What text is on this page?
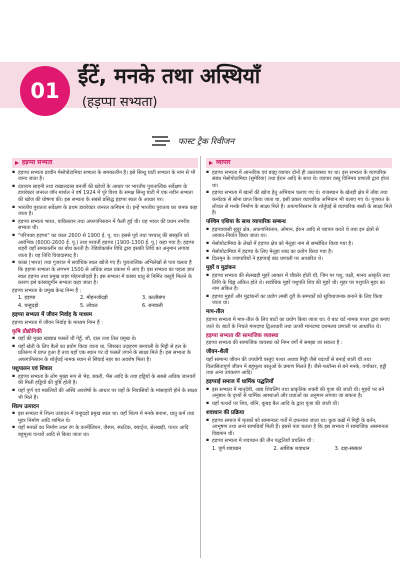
01
ईंटें, मनके तथा अस्थियाँ
(हड़प्पा सभ्यता)
फास्ट ट्रैक रिवीजन
हड़प्पा सभ्यता
▪ हड़प्पा सभ्यता प्राचीन मेसोपोटामिया सभ्यता के समकालीन है। इसे सिन्धु घाटी सभ्यता के नाम से भी जाना जाता है।
▪ दयाराम साहनी तथा राखालदास बनर्जी की खोजों के आधार पर भारतीय पुरातात्विक सर्वेक्षण के डायरेक्टर जनरल जॉन मार्शल ने वर्ष 1924 में पूरे विश्व के समक्ष सिन्धु घाटी में एक नवीन सभ्यता की खोज की घोषणा की। इस सभ्यता के सबसे प्रसिद्ध हड़प्पा स्थल के आधार पर।
▪ भारतीय पुरातत्व सर्वेक्षण के प्रथम डायरेक्टर जनरल कनिंघम थे। इन्हें भारतीय पुरातत्व का जनक कहा जाता है।
▪ हड़प्पा सभ्यता भारत, पाकिस्तान तथा अफगानिस्तान में फैली हुई थी। यह भारत की प्रथम नगरीय सभ्यता थी।
▪ "परिपक्व हड़प्पा" का काल 2600 से 1900 ई. पू. था। इससे पूर्व तथा पश्चात् की संस्कृति को आरंभिक (6000-2600 ई. पू.) तथा परवर्ती हड़प्पा (1900-1300 ई. पू.) कहा गया है। हड़प्पा शहरी यहाँ समकालीन का बोध करती है। रेडियोकार्बन विधि द्वारा इसकी तिथि का अनुमान लगाया जाता है। यह तिथि विवादास्पद है।
▪ कच्छ (भारत) तथा गुजरात में सर्वाधिक स्थल खोजे गए हैं। पुरातात्विक अभिलेखों से पता चलता है कि हड़प्पा सभ्यता के लगभग 1500 से अधिक स्थल प्रकाश में आए हैं। इस सभ्यता का पहला ज्ञात स्थल हड़प्पा तथा प्रमुख शहर मोहनजोदड़ो है। इस सभ्यता में कांस्य धातु से निर्मित वस्तुएँ मिलने के कारण इसे कांस्ययुगीन सभ्यता कहा जाता है।
हड़प्पा सभ्यता के प्रमुख केन्द्र निम्न हैं :
1. हड़प्पा	2. मोहनजोदड़ो	3. कालीबंगा
4. चन्हूदड़ो	5. लोथल	6. बनवाली
हड़प्पा सभ्यता में जीवन निर्वाह के माध्यम
हड़प्पा सभ्यता में जीवन निर्वाह के माध्यम निम्न हैं :
कृषि प्रौद्योगिकी
▪ यहाँ की मुख्य खाद्यान्न फसलें थीं गेहूँ, जौ, दाल तथा तिल प्रमुख थे।
▪ यहाँ खेती के लिए बैलों का प्रयोग किया जाता था, जिसका उदाहरण बनवाली के मिट्टी से हल के प्रतिरूप में प्राप्त हुआ है तथा यहाँ एक स्थान पर दो फसलें उगाने के साक्ष्य मिले हैं। इस सभ्यता के अफगानिस्तान के शोर्तुघई नामक स्थान से सिंचाई नहर का अवशेष मिला है।
पशुपालन एवं शिकार
▪ हड़प्पा सभ्यता के लोग मुख्य रूप से भेड़, बकरी, भैंस आदि के तथा हड्डियों के सबसे अधिक जानवरों की मिली हड्डियों की पुष्टि होती है।
▪ यहाँ पूर्ण एवं मछलियों की अस्थि अवशेषों के आधार पर यहाँ के निवासियों के मांसाहारी होने के साक्ष्य भी मिले हैं।
शिल्प उत्पादन
▪ इस सभ्यता में शिल्प उत्पादन में चन्हूदड़ो प्रमुख स्थल था। यहाँ शिल्प में मनके बनाना, धातु कर्म तथा मुहर निर्माण आदि शामिल थे।
▪ यहाँ मनकों का निर्माण लाल रंग के कार्नीलियन, जैस्पर, स्फटिक, क्वार्ट्ज, सेलखड़ी, पत्थर आदि बहुमूल्य पत्थरों आदि से किया जाता था।
व्यापार
▪ हड़प्पा सभ्यता में आन्तरिक एवं बाह्य व्यापार दोनों ही उन्नतावस्था पर था। इस सभ्यता के व्यापारिक संबंध मेसोपोटामिया (सुमेरिया) तथा ईरान आदि के साथ थे। व्यापार वस्तु विनिमय प्रणाली द्वारा होता था।
▪ हड़प्पा सभ्यता में खानों की खोज हेतु अभियान चलाए गए थे। राजस्थान के खेतड़ी क्षेत्र में ताँबा तथा कर्नाटक से सोना प्राप्त किया जाता था, इसी प्रकार व्यापारिक अभियान भी चलाए गए थे। गुजरात के लोथल से मनके निर्माण के साक्ष्य मिले हैं। अफगानिस्तान के शोर्तुघई से व्यापारिक बस्ती के साक्ष्य मिले हैं।
पश्चिम एशिया के साथ व्यापारिक सम्बन्ध
▪ हड़प्पावासी सुदूर क्षेत्र, अफगानिस्तान, ओमान, ईरान आदि से व्यापार करते थे तथा इन क्षेत्रों से आयात-निर्यात किया जाता था।
▪ मेसोपोटामिया के लेखों में हड़प्पा क्षेत्र को मेलुहा नाम से सम्बोधित किया गया है।
▪ मेसोपोटामिया में हड़प्पा के लिए मेलुहा शब्द का प्रयोग किया गया है।
▪ दिलमुन के ज्यापारियों ने हड़प्पाई बाट प्रणाली पर आधारित थे।
मुहरें व मुद्रांकन
▪ हड़प्पा सभ्यता की सेलखड़ी मुहरें आकार में चौकोर होती थीं, जिन पर पशु, पक्षी, मानव आकृति तथा लिपि के चिह्न अंकित होते थे। सर्वाधिक मुहरें पशुपति शिव की मुहरें थी। मुहर पर पशुपति मुहर का नाम अंकित है।
▪ हड़प्पा मुहरों और मुद्रांकनों का प्रयोग लम्बी दूरी के सम्पर्कों को सुविधाजनक बनाने के लिए किया जाता था।
माप-तौल
हड़प्पा सभ्यता में माप-तौल के लिए बाटों का प्रयोग किया जाता था। ये बाट चर्ट नामक पत्थर द्वारा बनाए जाते थे। बाटों के निचले मानदण्ड द्विआधारी तथा ऊपरी मानदण्ड दशमलव प्रणाली पर आधारित थे।
हड़प्पा सभ्यता की सामाजिक व्यवस्था
हड़प्पा सभ्यता की सामाजिक व्यवस्था को निम्न वर्गों में समझा जा सकता है :
जीवन-शैली
यहाँ सामान्य जीवन की उपयोगी वस्तुएं पत्थर अथवा मिट्टी जैसे पदार्थों से बनाई जाती थीं तथा विलासितापूर्ण जीवन में बहुमूल्य वस्तुओं के प्रमाण मिलते हैं। जैसे-फयॉन्स से बने मनके, वर्गाकार, हड्डी तथा अन्य उपकरण आदि।
हड़प्पाई समाज में धार्मिक पद्धतियाँ
▪ इस सभ्यता में मातृदेवी, आद्य शिवलिंग तथा प्राकृतिक शक्ती की पूजा की जाती थी। मुहरों पर बने अनुष्ठान के दृश्यों से धार्मिक आस्थाओं और प्रथाओं का अनुमान लगाया जा सकता है।
▪ यहाँ पत्थरों पर शिव, योनि, कूबड़ बैल आदि के द्वारा पूजा की जाती थी।
शवाधान की प्रक्रिया
▪ हड़प्पा समाज में मृतकों को सामान्यतः गर्तों में दफनाया जाता था। कुछ कब्रों में मिट्टी के बर्तन, आभूषण तथा अन्य सामग्रियाँ मिली हैं। इससे पता चलता है कि इस सभ्यता में सामाजिक असमानता विद्यमान थी।
▪ हड़प्पा सभ्यता में शवाधान की तीन पद्धतियाँ प्रचलित थीं :
1. पूर्ण शवाधान	2. आंशिक शवाधान	3. दाह-संस्कार
